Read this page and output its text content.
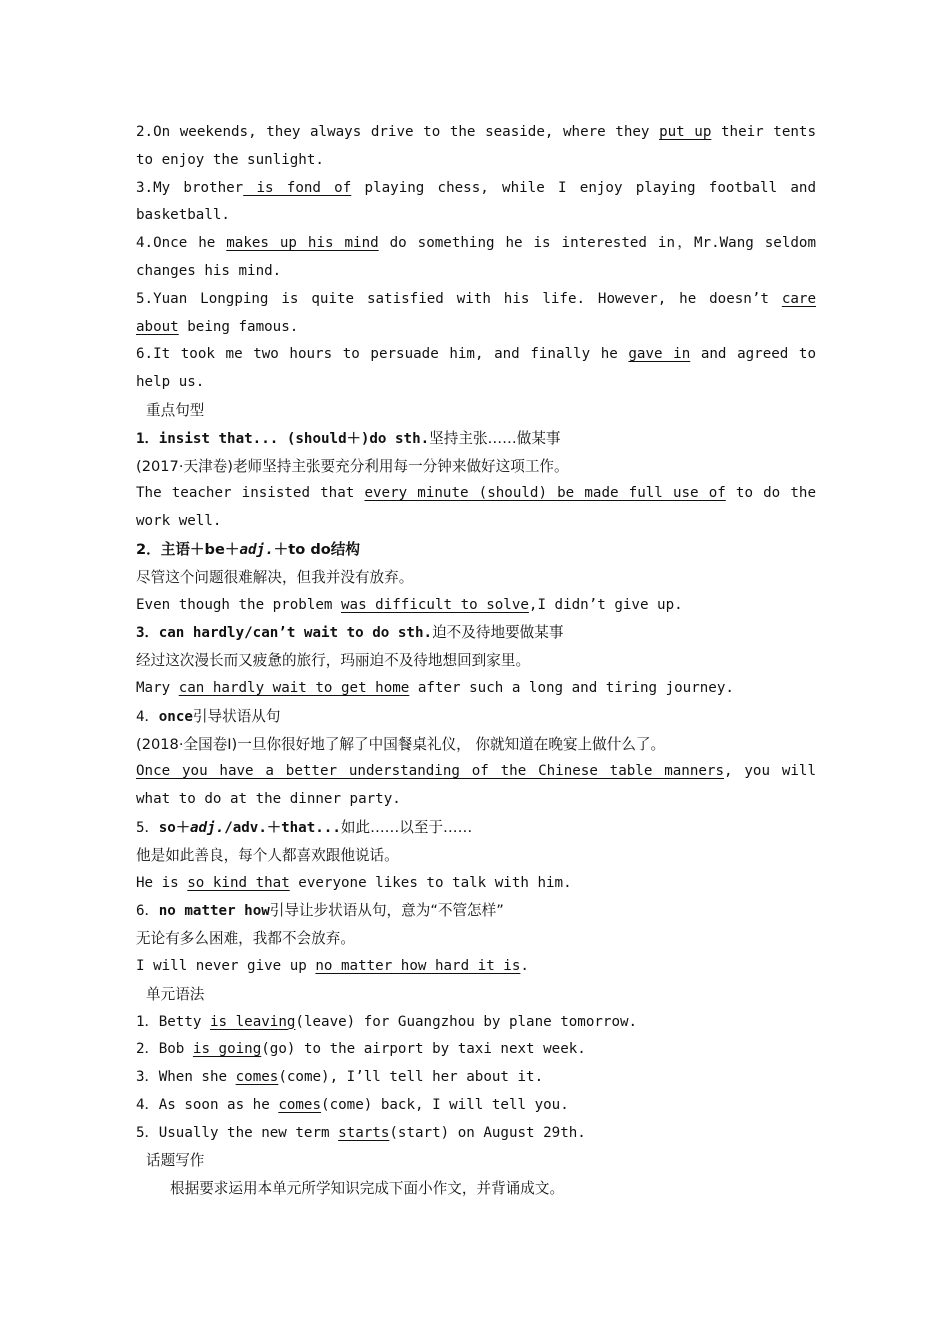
2.On weekends, they always drive to the seaside, where they put up their tents
to enjoy the sunlight.
3.My brother is fond of playing chess, while I enjoy playing football and
basketball.
4.Once he makes up his mind do something he is interested in，Mr.Wang seldom
changes his mind.
5.Yuan Longping is quite satisfied with his life. However, he doesn’t care
about being famous.
6.It took me two hours to persuade him, and finally he gave in and agreed to
help us.
重点句型
1．insist that... (should＋)do sth.坚持主张……做某事
(2017·天津卷)老师坚持主张要充分利用每一分钟来做好这项工作。
The teacher insisted that every minute (should) be made full use of to do the
work well.
2．主语＋be＋adj.＋to do结构
尽管这个问题很难解决，但我并没有放弃。
Even though the problem was difficult to solve,I didn’t give up.
3．can hardly/can’t wait to do sth.迫不及待地要做某事
经过这次漫长而又疲惫的旅行，玛丽迫不及待地想回到家里。
Mary can hardly wait to get home after such a long and tiring journey.
4．once引导状语从句
(2018·全国卷Ⅰ)一旦你很好地了解了中国餐桌礼仪， 你就知道在晚宴上做什么了。
Once you have a better understanding of the Chinese table manners, you will
what to do at the dinner party.
5．so＋adj./adv.＋that...如此……以至于……
他是如此善良，每个人都喜欢跟他说话。
He is so kind that everyone likes to talk with him.
6．no matter how引导让步状语从句，意为“不管怎样”
无论有多么困难，我都不会放弃。
I will never give up no matter how hard it is.
单元语法
1．Betty is leaving(leave) for Guangzhou by plane tomorrow.
2．Bob is going(go) to the airport by taxi next week.
3．When she comes(come), I’ll tell her about it.
4．As soon as he comes(come) back, I will tell you.
5．Usually the new term starts(start) on August 29th.
话题写作
根据要求运用本单元所学知识完成下面小作文，并背诵成文。
